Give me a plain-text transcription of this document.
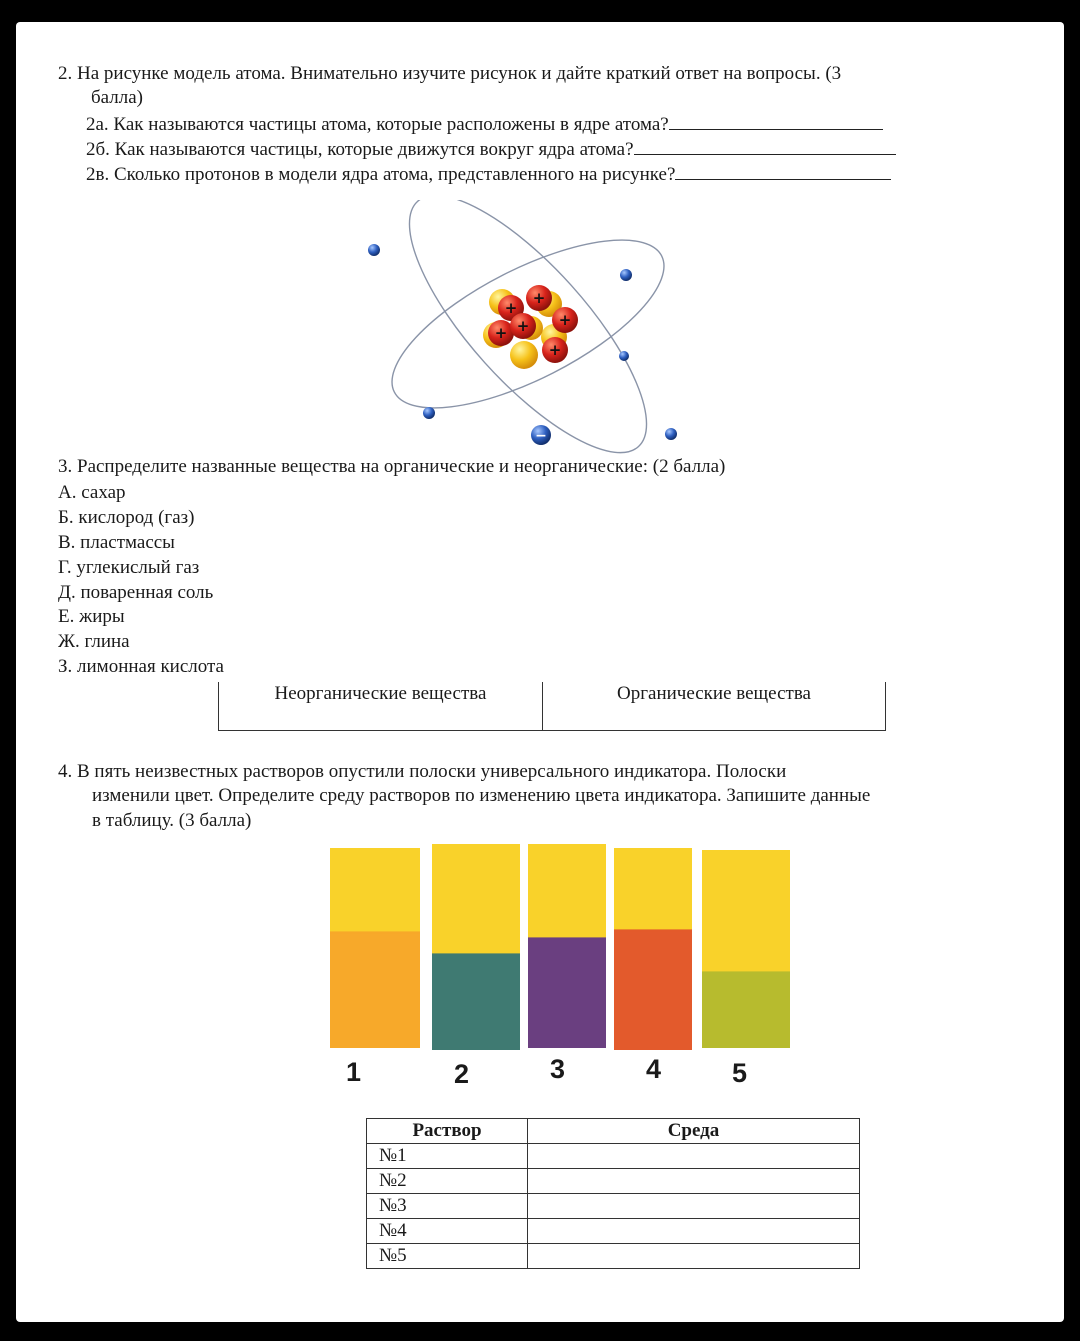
2. На рисунке модель атома. Внимательно изучите рисунок и дайте краткий ответ на вопросы. (3
балла)
2а. Как называются частицы атома, которые расположены в ядре атома?
2б. Как называются частицы, которые движутся вокруг ядра атома?
2в. Сколько протонов в модели ядра атома, представленного на рисунке?
+
+
+ + +
+
−
3. Распределите названные вещества на органические и неорганические: (2 балла)
А. сахар
Б. кислород (газ)
В. пластмассы
Г. углекислый газ
Д. поваренная соль
Е. жиры
Ж. глина
З. лимонная кислота
Неорганические вещества	Органические вещества
4. В пять неизвестных растворов опустили полоски универсального индикатора. Полоски
изменили цвет. Определите среду растворов по изменению цвета индикатора. Запишите данные
в таблицу. (3 балла)
1	2	3	4	5
Раствор	Среда
№1	
№2	
№3	
№4	
№5	
